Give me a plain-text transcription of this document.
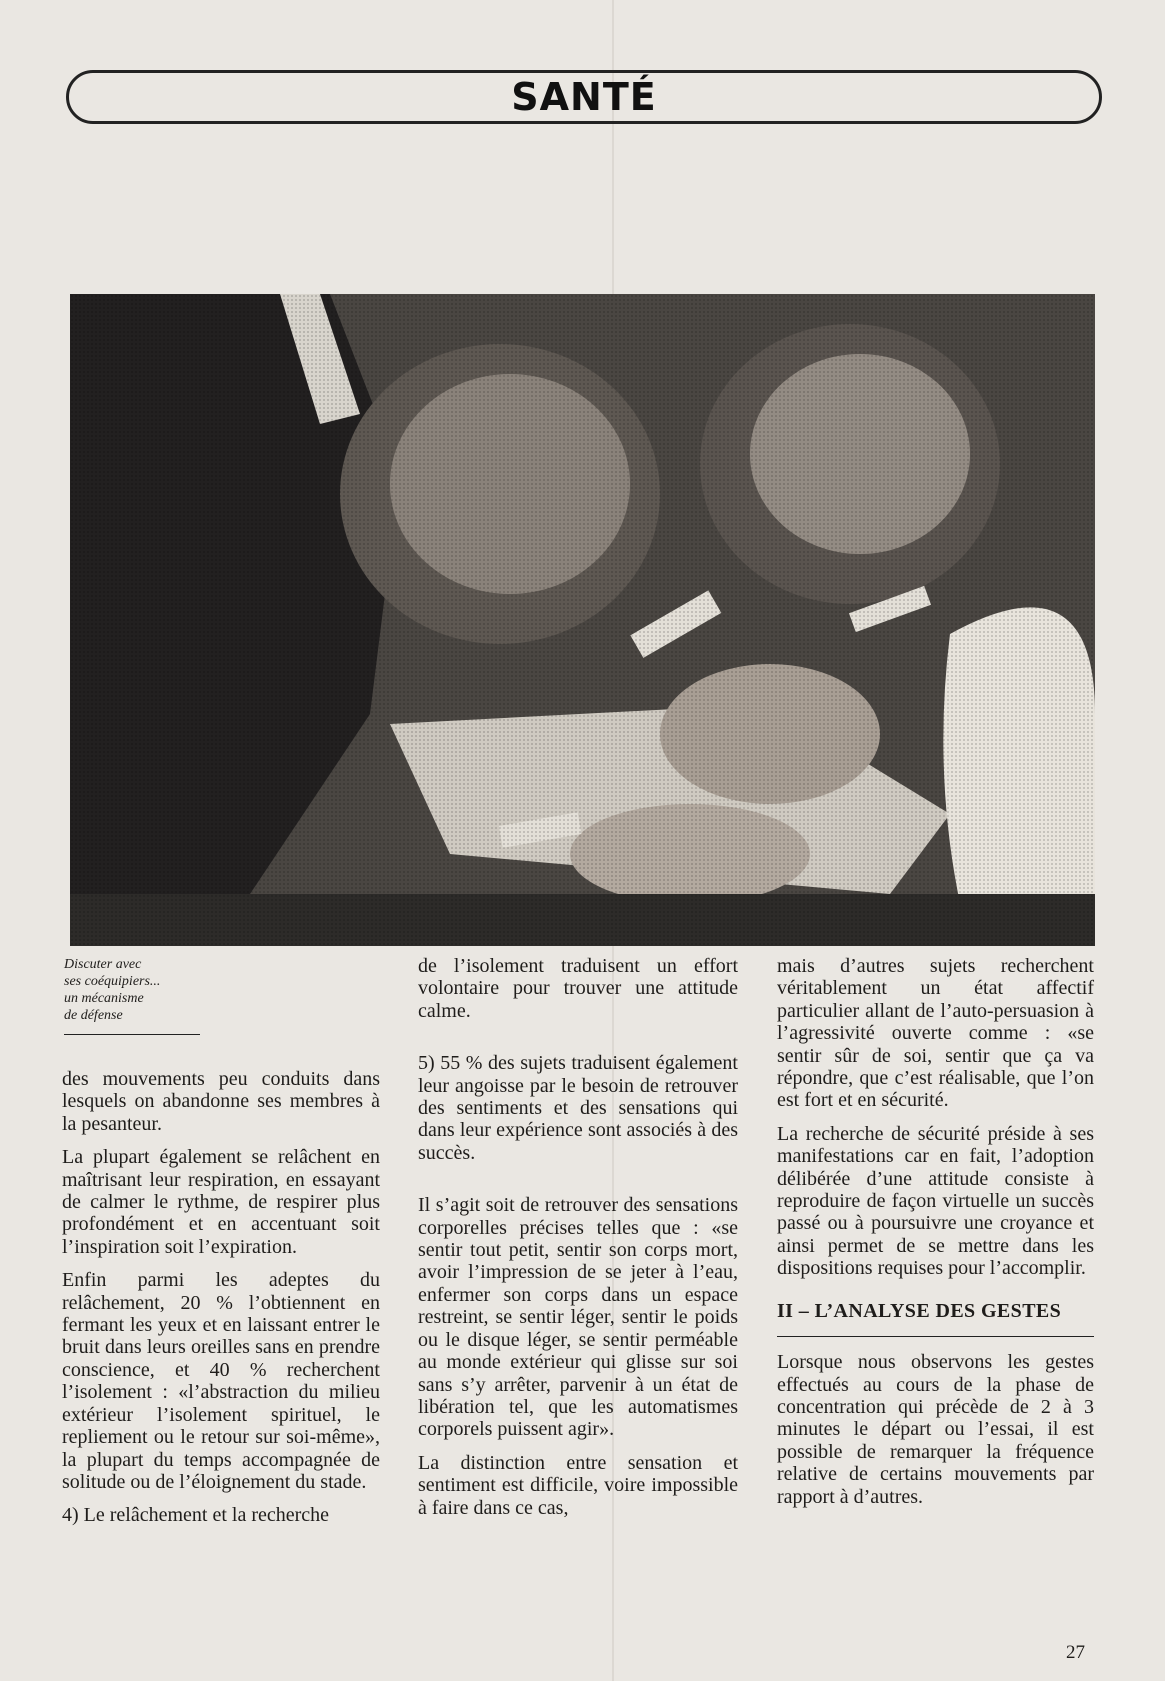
SANTÉ
Discuter avec
ses coéquipiers...
un mécanisme
de défense

des mouvements peu conduits dans lesquels on abandonne ses membres à la pesanteur.

La plupart également se relâchent en maîtrisant leur respiration, en essayant de calmer le rythme, de respirer plus profondément et en accentuant soit l’inspiration soit l’expiration.

Enfin parmi les adeptes du relâchement, 20 % l’obtiennent en fermant les yeux et en laissant entrer le bruit dans leurs oreilles sans en prendre conscience, et 40 % recherchent l’isolement : «l’abstraction du milieu extérieur l’isolement spirituel, le repliement ou le retour sur soi-même», la plupart du temps accompagnée de solitude ou de l’éloignement du stade.

4) Le relâchement et la recherche

de l’isolement traduisent un effort volontaire pour trouver une attitude calme.

5) 55 % des sujets traduisent également leur angoisse par le besoin de retrouver des sentiments et des sensations qui dans leur expérience sont associés à des succès.

Il s’agit soit de retrouver des sensations corporelles précises telles que : «se sentir tout petit, sentir son corps mort, avoir l’impression de se jeter à l’eau, enfermer son corps dans un espace restreint, se sentir léger, sentir le poids ou le disque léger, se sentir perméable au monde extérieur qui glisse sur soi sans s’y arrêter, parvenir à un état de libération tel, que les automatismes corporels puissent agir».

La distinction entre sensation et sentiment est difficile, voire impossible à faire dans ce cas,

mais d’autres sujets recherchent véritablement un état affectif particulier allant de l’auto-persuasion à l’agressivité ouverte comme : «se sentir sûr de soi, sentir que ça va répondre, que c’est réalisable, que l’on est fort et en sécurité.

La recherche de sécurité préside à ses manifestations car en fait, l’adoption délibérée d’une attitude consiste à reproduire de façon virtuelle un succès passé ou à poursuivre une croyance et ainsi permet de se mettre dans les dispositions requises pour l’accomplir.

II – L’ANALYSE DES GESTES

Lorsque nous observons les gestes effectués au cours de la phase de concentration qui précède de 2 à 3 minutes le départ ou l’essai, il est possible de remarquer la fréquence relative de certains mouvements par rapport à d’autres.

27
